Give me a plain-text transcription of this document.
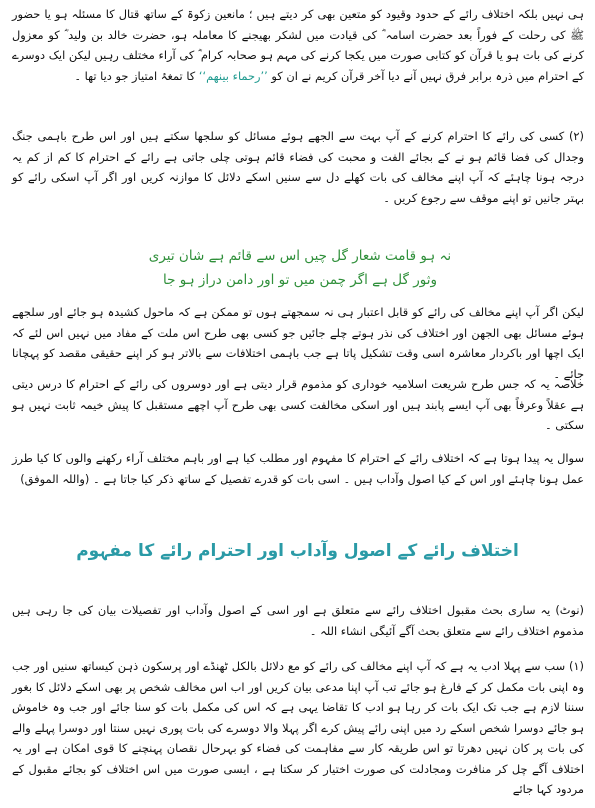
ہی نہیں بلکہ اختلاف رائے کے حدود وقیود کو متعین بھی کر دیتے ہیں ؛ مانعین زکوۃ کے ساتھ قتال کا مسئلہ ہو یا حضور ﷺ کی رحلت کے فوراً بعد حضرت اسامہ ؓ کی قیادت میں لشکر بھیجنے کا معاملہ ہو، حضرت خالد بن ولید ؓ کو معزول کرنے کی بات ہو یا قرآن کو کتابی صورت میں یکجا کرنے کی مہم ہو صحابہ کرام ؓ کی آراء مختلف رہیں لیکن ایک دوسرے کے احترام میں ذرہ برابر فرق نہیں آنے دیا آخر قرآن کریم نے ان کو ’’رحماء بینھم‘‘ کا تمغۂ امتیاز جو دیا تھا ۔

(۲) کسی کی رائے کا احترام کرنے کے آپ بہت سے الجھے ہوئے مسائل کو سلجھا سکتے ہیں اور اس طرح باہمی جنگ وجدال کی فضا قائم ہو نے کے بجائے الفت و محبت کی فضاء قائم ہوتی چلی جاتی ہے رائے کے احترام کا کم از کم یہ درجہ ہونا چاہئے کہ آپ اپنے مخالف کی بات کھلے دل سے سنیں اسکے دلائل کا موازنہ کریں اور اگر آپ اسکی رائے کو بہتر جانیں تو اپنے موقف سے رجوع کریں ۔

نہ ہو قامت شعار گل چیں اس سے قائم ہے شان تیری
وثور گل ہے اگر چمن میں تو اور دامن دراز ہو جا

لیکن اگر آپ اپنے مخالف کی رائے کو قابل اعتبار ہی نہ سمجھتے ہوں تو ممکن ہے کہ ماحول کشیدہ ہو جائے اور سلجھے ہوئے مسائل بھی الجھن اور اختلاف کی نذر ہوتے چلے جائیں جو کسی بھی طرح اس ملت کے مفاد میں نہیں اس لئے کہ ایک اچھا اور باکردار معاشرہ اسی وقت تشکیل پاتا ہے جب باہمی اختلافات سے بالاتر ہو کر اپنے حقیقی مقصد کو پہچانا جائے ۔

خلاصہ یہ کہ جس طرح شریعت اسلامیہ خوداری کو مذموم قرار دیتی ہے اور دوسروں کی رائے کے احترام کا درس دیتی ہے عقلاً وعرفاً بھی آپ ایسے پابند ہیں اور اسکی مخالفت کسی بھی طرح آپ اچھے مستقبل کا پیش خیمہ ثابت نہیں ہو سکتی ۔

سوال یہ پیدا ہوتا ہے کہ اختلاف رائے کے احترام کا مفہوم اور مطلب کیا ہے اور باہم مختلف آراء رکھنے والوں کا کیا طرز عمل ہونا چاہئے اور اس کے کیا اصول وآداب ہیں ۔ اسی بات کو قدرے تفصیل کے ساتھ ذکر کیا جاتا ہے ۔ (واللہ الموفق)

اختلاف رائے کے اصول وآداب اور احترام رائے کا مفہوم

(نوٹ) یہ ساری بحث مقبول اختلاف رائے سے متعلق ہے اور اسی کے اصول وآداب اور تفصیلات بیان کی جا رہی ہیں مذموم اختلاف رائے سے متعلق بحث آگے آئیگی انشاء اللہ ۔

(۱) سب سے پہلا ادب یہ ہے کہ آپ اپنے مخالف کی رائے کو مع دلائل بالکل ٹھنڈے اور پرسکون ذہن کیساتھ سنیں اور جب وہ اپنی بات مکمل کر کے فارغ ہو جائے تب آپ اپنا مدعی بیان کریں اور اب اس مخالف شخص پر بھی اسکے دلائل کا بغور سننا لازم ہے جب تک ایک بات کر رہا ہو ادب کا تقاضا یہی ہے کہ اس کی مکمل بات کو سنا جائے اور جب وہ خاموش ہو جائے دوسرا شخص اسکے رد میں اپنی رائے پیش کرے اگر پہلا والا دوسرے کی بات پوری نہیں سنتا اور دوسرا پہلے والے کی بات پر کان نہیں دھرتا تو اس طریقہ کار سے مفاہمت کی فضاء کو بہرحال نقصان پہنچنے کا قوی امکان ہے اور یہ اختلاف آگے چل کر منافرت ومجادلت کی صورت اختیار کر سکتا ہے ، ایسی صورت میں اس اختلاف کو بجائے مقبول کے مردود کہا جائے
